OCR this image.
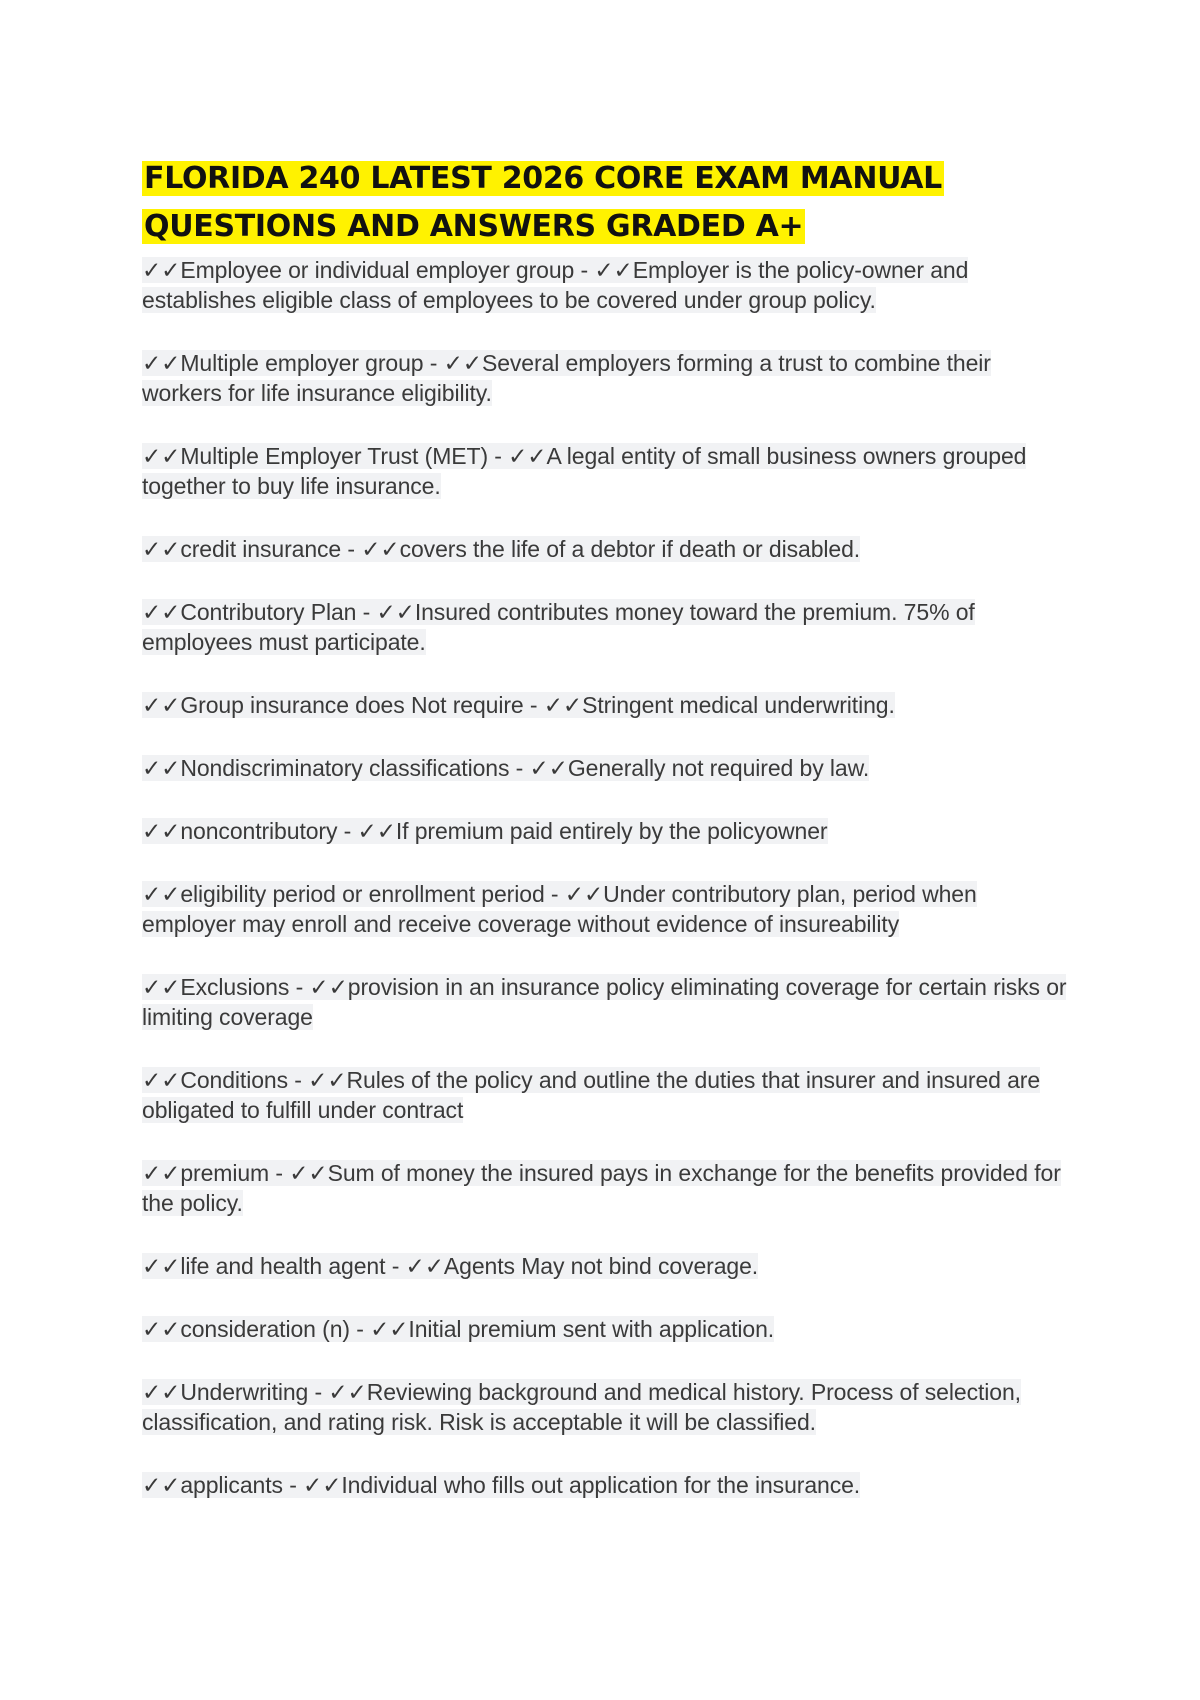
FLORIDA 240 LATEST 2026 CORE EXAM MANUAL
QUESTIONS AND ANSWERS GRADED A+
✓✓Employee or individual employer group - ✓✓Employer is the policy-owner and establishes eligible class of employees to be covered under group policy.
✓✓Multiple employer group - ✓✓Several employers forming a trust to combine their workers for life insurance eligibility.
✓✓Multiple Employer Trust (MET) - ✓✓A legal entity of small business owners grouped together to buy life insurance.
✓✓credit insurance - ✓✓covers the life of a debtor if death or disabled.
✓✓Contributory Plan - ✓✓Insured contributes money toward the premium. 75% of employees must participate.
✓✓Group insurance does Not require - ✓✓Stringent medical underwriting.
✓✓Nondiscriminatory classifications - ✓✓Generally not required by law.
✓✓noncontributory - ✓✓If premium paid entirely by the policyowner
✓✓eligibility period or enrollment period - ✓✓Under contributory plan, period when employer may enroll and receive coverage without evidence of insureability
✓✓Exclusions - ✓✓provision in an insurance policy eliminating coverage for certain risks or limiting coverage
✓✓Conditions - ✓✓Rules of the policy and outline the duties that insurer and insured are obligated to fulfill under contract
✓✓premium - ✓✓Sum of money the insured pays in exchange for the benefits provided for the policy.
✓✓life and health agent - ✓✓Agents May not bind coverage.
✓✓consideration (n) - ✓✓Initial premium sent with application.
✓✓Underwriting - ✓✓Reviewing background and medical history. Process of selection, classification, and rating risk. Risk is acceptable it will be classified.
✓✓applicants - ✓✓Individual who fills out application for the insurance.
